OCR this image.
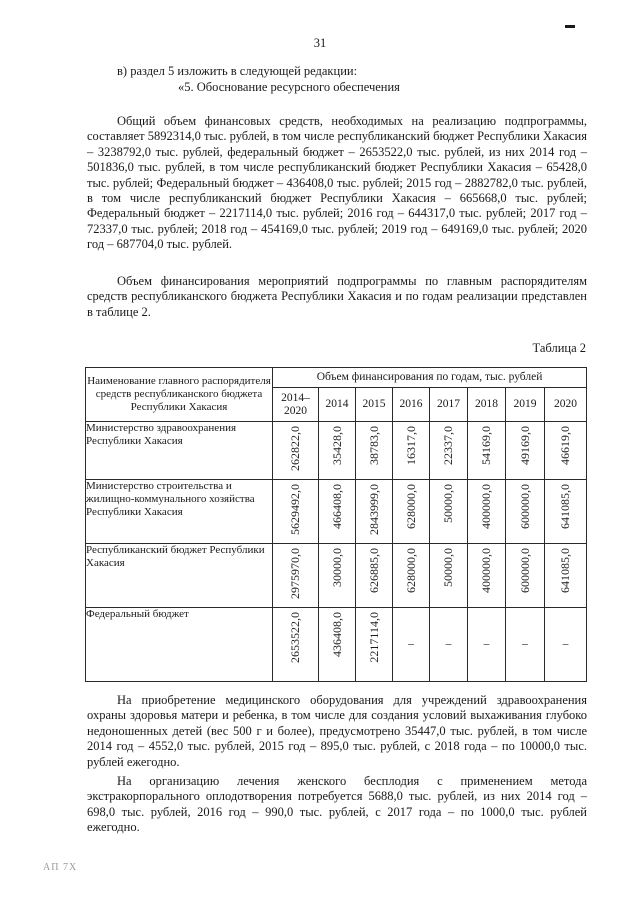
31
▬
в) раздел 5 изложить в следующей редакции:
«5. Обоснование ресурсного обеспечения

Общий объем финансовых средств, необходимых на реализацию подпрограммы, составляет 5892314,0 тыс. рублей, в том числе республиканский бюджет Республики Хакасия – 3238792,0 тыс. рублей, федеральный бюджет – 2653522,0 тыс. рублей, из них 2014 год – 501836,0 тыс. рублей, в том числе республиканский бюджет Республики Хакасия – 65428,0 тыс. рублей; Федеральный бюджет – 436408,0 тыс. рублей; 2015 год – 2882782,0 тыс. рублей, в том числе республиканский бюджет Республики Хакасия – 665668,0 тыс. рублей; Федеральный бюджет – 2217114,0 тыс. рублей; 2016 год – 644317,0 тыс. рублей; 2017 год – 72337,0 тыс. рублей; 2018 год – 454169,0 тыс. рублей; 2019 год – 649169,0 тыс. рублей; 2020 год – 687704,0 тыс. рублей.

Объем финансирования мероприятий подпрограммы по главным распорядителям средств республиканского бюджета Республики Хакасия и по годам реализации представлен в таблице 2.

Таблица 2
Наименование главного распорядителя средств республиканского бюджета Республики Хакасия	Объем финансирования по годам, тыс. рублей							
	2014–2020	2014	2015	2016	2017	2018	2019	2020
Министерство здравоохранения Республики Хакасия	262822,0	35428,0	38783,0	16317,0	22337,0	54169,0	49169,0	46619,0
Министерство строительства и жилищно-коммунального хозяйства Республики Хакасия	5629492,0	466408,0	2843999,0	628000,0	50000,0	400000,0	600000,0	641085,0
Республиканский бюджет Республики Хакасия	2975970,0	30000,0	626885,0	628000,0	50000,0	400000,0	600000,0	641085,0
Федеральный бюджет	2653522,0	436408,0	2217114,0	–	–	–	–	–

На приобретение медицинского оборудования для учреждений здравоохранения охраны здоровья матери и ребенка, в том числе для создания условий выхаживания глубоко недоношенных детей (вес 500 г и более), предусмотрено 35447,0 тыс. рублей, в том числе 2014 год – 4552,0 тыс. рублей, 2015 год – 895,0 тыс. рублей, с 2018 года – по 10000,0 тыс. рублей ежегодно.

На организацию лечения женского бесплодия с применением метода экстракорпорального оплодотворения потребуется 5688,0 тыс. рублей, из них 2014 год – 698,0 тыс. рублей, 2016 год – 990,0 тыс. рублей, с 2017 года – по 1000,0 тыс. рублей ежегодно.

АП 7Х
